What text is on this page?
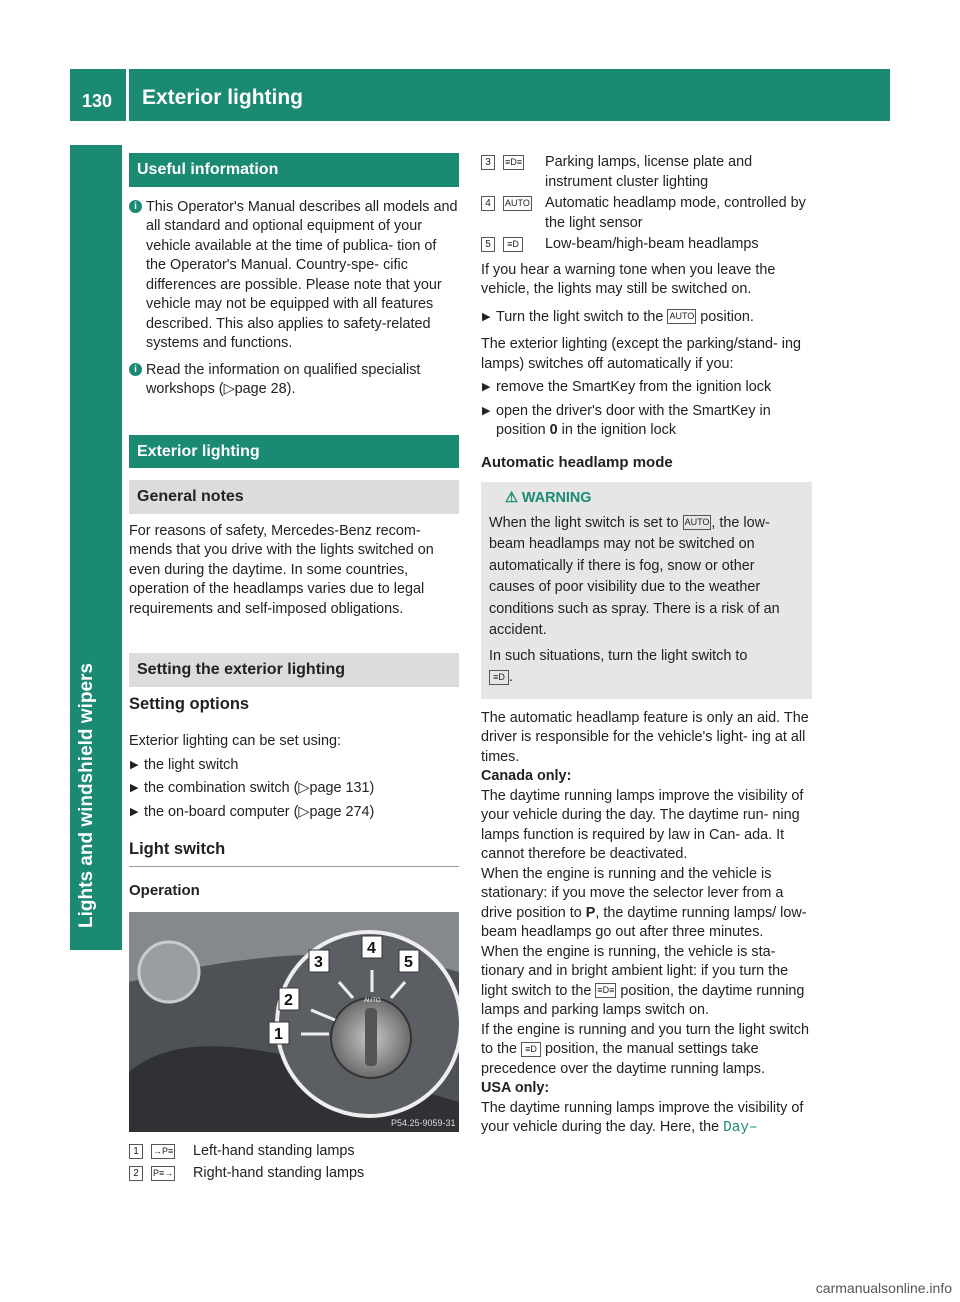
130 Exterior lighting
Lights and windshield wipers
Useful information

i This Operator's Manual describes all models and all standard and optional equipment of your vehicle available at the time of publica- tion of the Operator's Manual. Country-spe- cific differences are possible. Please note that your vehicle may not be equipped with all features described. This also applies to safety-related systems and functions.

i Read the information on qualified specialist workshops (▷page 28).

Exterior lighting
General notes

For reasons of safety, Mercedes-Benz recom- mends that you drive with the lights switched on even during the daytime. In some countries, operation of the headlamps varies due to legal requirements and self-imposed obligations.

Setting the exterior lighting
Setting options

Exterior lighting can be set using:

▶ the light switch

▶ the combination switch (▷page 131)

▶ the on-board computer (▷page 274)

Light switch
Operation
AUTO
1
2
3
4
5
P54.25-9059-31

1	→P≡ Left-hand standing lamps

2	P≡→ Right-hand standing lamps

3	≡D≡ Parking lamps, license plate and instrument cluster lighting

4	AUTO Automatic headlamp mode, controlled by the light sensor

5	≡D Low-beam/high-beam headlamps

If you hear a warning tone when you leave the vehicle, the lights may still be switched on.

▶ Turn the light switch to the AUTO position.

The exterior lighting (except the parking/stand- ing lamps) switches off automatically if you:

▶ remove the SmartKey from the ignition lock

▶ open the driver's door with the SmartKey in position 0 in the ignition lock

Automatic headlamp mode
⚠ WARNING

When the light switch is set to AUTO , the low- beam headlamps may not be switched on automatically if there is fog, snow or other causes of poor visibility due to the weather conditions such as spray. There is a risk of an accident.

In such situations, turn the light switch to
≡D .

The automatic headlamp feature is only an aid. The driver is responsible for the vehicle's light- ing at all times.

Canada only:

The daytime running lamps improve the visibility of your vehicle during the day. The daytime run- ning lamps function is required by law in Can- ada. It cannot therefore be deactivated.

When the engine is running and the vehicle is stationary: if you move the selector lever from a drive position to P, the daytime running lamps/ low-beam headlamps go out after three minutes.

When the engine is running, the vehicle is sta- tionary and in bright ambient light: if you turn the light switch to the ≡D≡ position, the daytime running lamps and parking lamps switch on.

If the engine is running and you turn the light switch to the ≡D position, the manual settings take precedence over the daytime running lamps.

USA only:

The daytime running lamps improve the visibility of your vehicle during the day. Here, the Day–

carmanualsonline.info
